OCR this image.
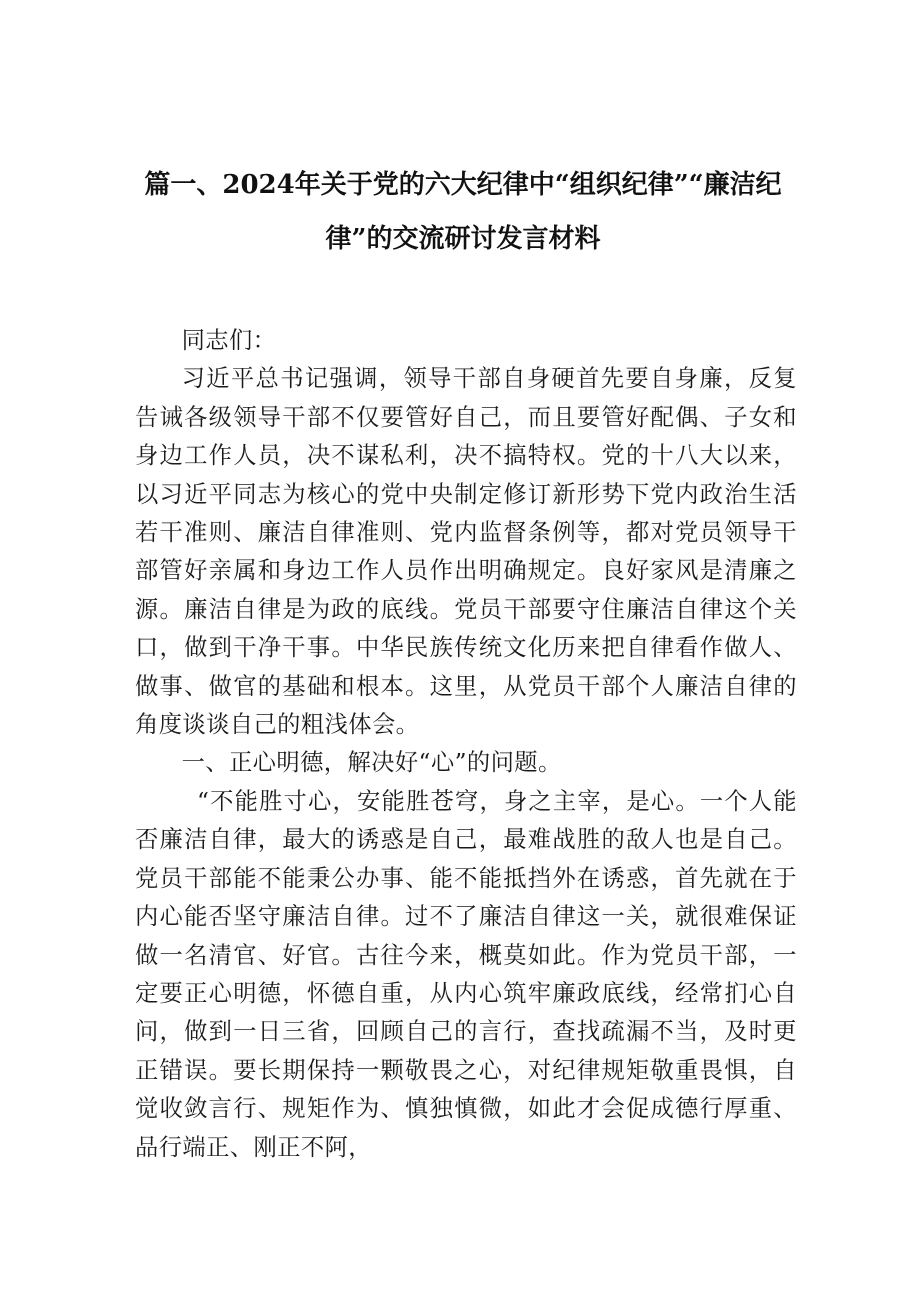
篇一、2024年关于党的六大纪律中“组织纪律”“廉洁纪律”的交流研讨发言材料

同志们：

习近平总书记强调，领导干部自身硬首先要自身廉，反复告诫各级领导干部不仅要管好自己，而且要管好配偶、子女和身边工作人员，决不谋私利，决不搞特权。党的十八大以来，以习近平同志为核心的党中央制定修订新形势下党内政治生活若干准则、廉洁自律准则、党内监督条例等，都对党员领导干部管好亲属和身边工作人员作出明确规定。良好家风是清廉之源。廉洁自律是为政的底线。党员干部要守住廉洁自律这个关口，做到干净干事。中华民族传统文化历来把自律看作做人、做事、做官的基础和根本。这里，从党员干部个人廉洁自律的角度谈谈自己的粗浅体会。

一、正心明德，解决好“心”的问题。

“不能胜寸心，安能胜苍穹，身之主宰，是心。一个人能否廉洁自律，最大的诱惑是自己，最难战胜的敌人也是自己。党员干部能不能秉公办事、能不能抵挡外在诱惑，首先就在于内心能否坚守廉洁自律。过不了廉洁自律这一关，就很难保证做一名清官、好官。古往今来，概莫如此。作为党员干部，一定要正心明德，怀德自重，从内心筑牢廉政底线，经常扪心自问，做到一日三省，回顾自己的言行，查找疏漏不当，及时更正错误。要长期保持一颗敬畏之心，对纪律规矩敬重畏惧，自觉收敛言行、规矩作为、慎独慎微，如此才会促成德行厚重、品行端正、刚正不阿，
